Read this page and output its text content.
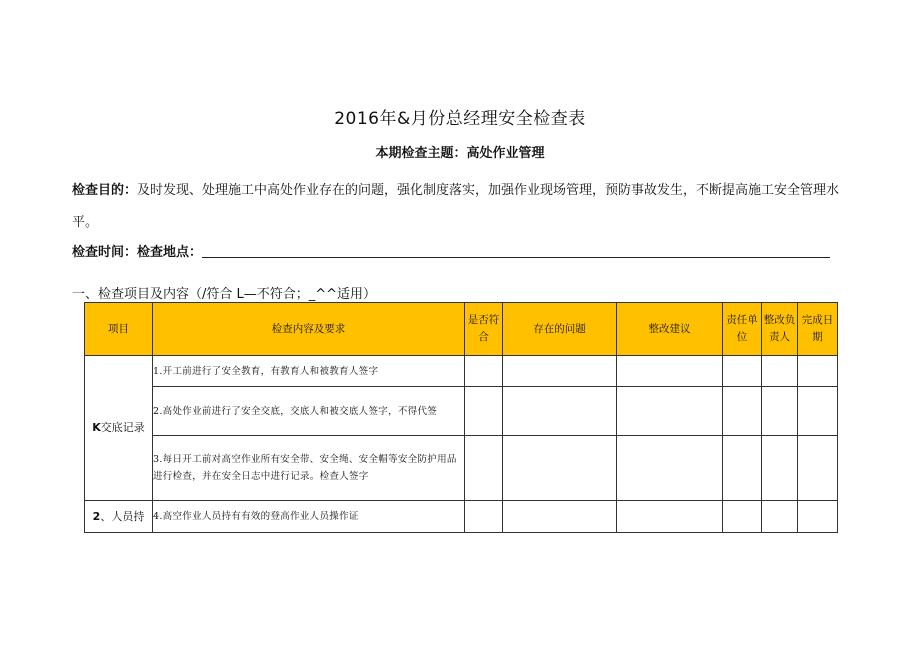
2016年&月份总经理安全检查表
本期检查主题：高处作业管理
检查目的：及时发现、处理施工中高处作业存在的问题，强化制度落实，加强作业现场管理，预防事故发生，不断提高施工安全管理水平。
检查时间：检查地点：
一、检查项目及内容（/符合 L—不符合；_^^适用）
项目	检查内容及要求	是否符合	存在的问题	整改建议	责任单位	整改负责人	完成日期
K交底记录	1.开工前进行了安全教育，有教育人和被教育人签字						
	2.高处作业前进行了安全交底，交底人和被交底人签字，不得代签						
	3.每日开工前对高空作业所有安全带、安全绳、安全帽等安全防护用品进行检查，并在安全日志中进行记录。检查人签字						
2、人员持	4.高空作业人员持有有效的登高作业人员操作证						
